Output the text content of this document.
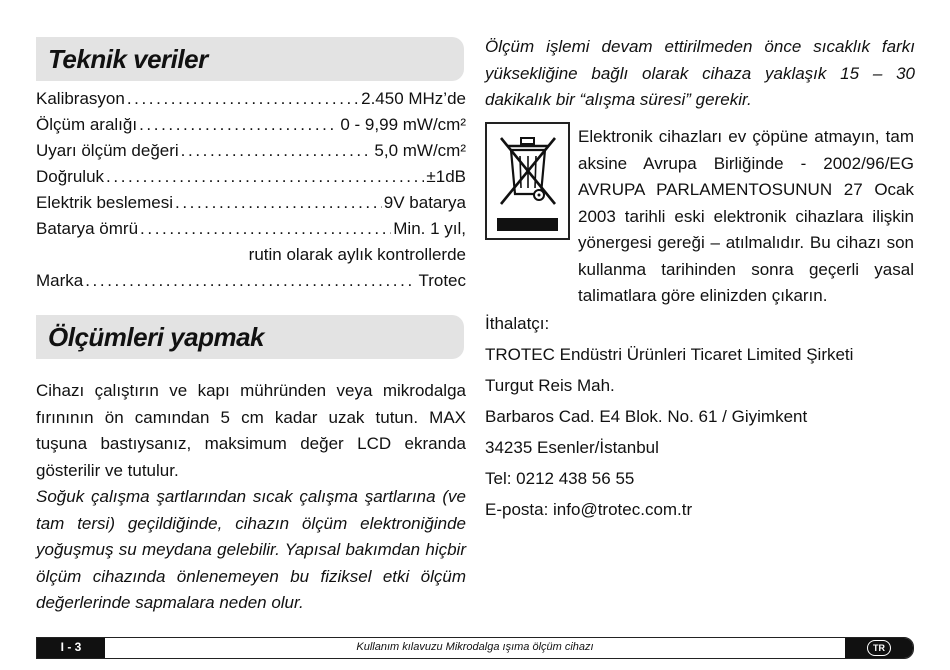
Teknik veriler
Kalibrasyon .....	2.450 MHz’de
Ölçüm aralığı .....	0 - 9,99 mW/cm²
Uyarı ölçüm değeri .....	5,0 mW/cm²
Doğruluk .....	±1dB
Elektrik beslemesi .....	9V batarya
Batarya ömrü .....	Min. 1 yıl,
rutin olarak aylık kontrollerde
Marka .....	Trotec
Ölçümleri yapmak

Cihazı çalıştırın ve kapı mühründen veya mikrodalga fırınının ön camından 5 cm kadar uzak tutun. MAX tuşuna bastıysanız, maksimum değer LCD ekranda gösterilir ve tutulur.

Soğuk çalışma şartlarından sıcak çalışma şartlarına (ve tam tersi) geçildiğinde, cihazın ölçüm elektroniğinde yoğuşmuş su meydana gelebilir. Yapısal bakımdan hiçbir ölçüm cihazında önlenemeyen bu fiziksel etki ölçüm değerlerinde sapmalara neden olur.

Ölçüm işlemi devam ettirilmeden önce sıcaklık farkı yüksekliğine bağlı olarak cihaza yaklaşık 15 – 30 dakikalık bir “alışma süresi” gerekir.

Elektronik cihazları ev çöpüne atmayın, tam aksine Avrupa Birliğinde - 2002/96/EG AVRUPA PARLAMENTOSUNUN 27 Ocak 2003 tarihli eski elektronik cihazlara ilişkin yönergesi gereği – atılmalıdır. Bu cihazı son kullanma tarihinden sonra geçerli yasal talimatlara göre elinizden çıkarın.

İthalatçı:
TROTEC Endüstri Ürünleri Ticaret Limited Şirketi
Turgut Reis Mah.
Barbaros Cad. E4 Blok. No. 61 / Giyimkent
34235 Esenler/İstanbul
Tel: 0212 438 56 55
E-posta: info@trotec.com.tr
I - 3	Kullanım kılavuzu Mikrodalga ışıma ölçüm cihazı	TR
